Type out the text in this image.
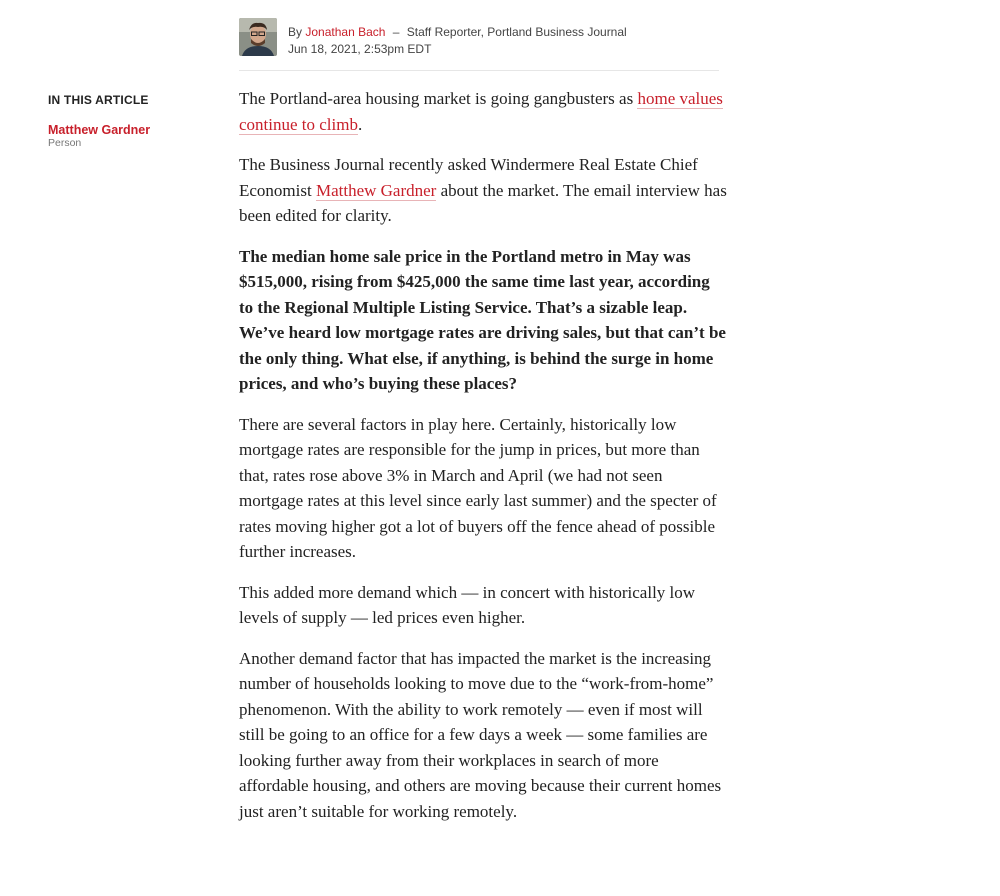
By Jonathan Bach – Staff Reporter, Portland Business Journal
Jun 18, 2021, 2:53pm EDT
IN THIS ARTICLE
Matthew Gardner
Person

The Portland-area housing market is going gangbusters as home values continue to climb.

The Business Journal recently asked Windermere Real Estate Chief Economist Matthew Gardner about the market. The email interview has been edited for clarity.

The median home sale price in the Portland metro in May was $515,000, rising from $425,000 the same time last year, according to the Regional Multiple Listing Service. That’s a sizable leap. We’ve heard low mortgage rates are driving sales, but that can’t be the only thing. What else, if anything, is behind the surge in home prices, and who’s buying these places?

There are several factors in play here. Certainly, historically low mortgage rates are responsible for the jump in prices, but more than that, rates rose above 3% in March and April (we had not seen mortgage rates at this level since early last summer) and the specter of rates moving higher got a lot of buyers off the fence ahead of possible further increases.

This added more demand which — in concert with historically low levels of supply — led prices even higher.

Another demand factor that has impacted the market is the increasing number of households looking to move due to the “work-from-home” phenomenon. With the ability to work remotely — even if most will still be going to an office for a few days a week — some families are looking further away from their workplaces in search of more affordable housing, and others are moving because their current homes just aren’t suitable for working remotely.
